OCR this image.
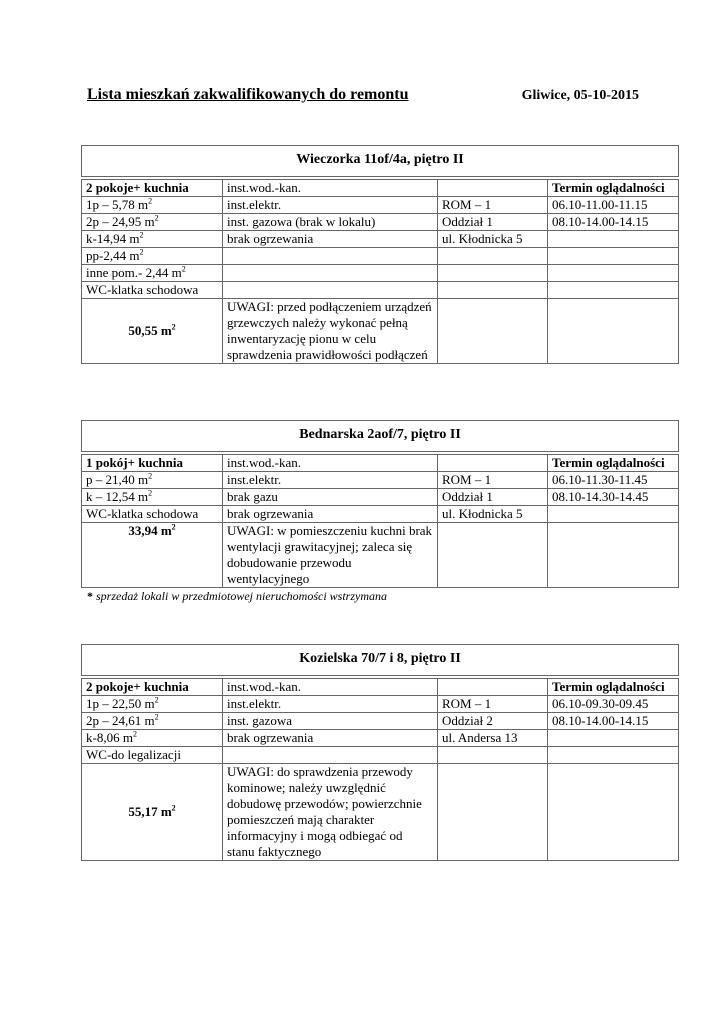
Lista mieszkań zakwalifikowanych do remontu	Gliwice, 05-10-2015
Wieczorka 11of/4a, piętro II			
2 pokoje+ kuchnia	inst.wod.-kan.		Termin oglądalności
1p – 5,78 $m^2$	inst.elektr.	ROM – 1	06.10-11.00-11.15
2p – 24,95 $m^2$	inst. gazowa (brak w lokalu)	Oddział 1	08.10-14.00-14.15
k-14,94 $m^2$	brak ogrzewania	ul. Kłodnicka 5	
pp-2,44 $m^2$			
inne pom.- 2,44 $m^2$			
WC-klatka schodowa			
50,55 $m^2$	UWAGI: przed podłączeniem urządzeń grzewczych należy wykonać pełną inwentaryzację pionu w celu sprawdzenia prawidłowości podłączeń		
Bednarska 2aof/7, piętro II			
1 pokój+ kuchnia	inst.wod.-kan.		Termin oglądalności
p – 21,40 $m^2$	inst.elektr.	ROM – 1	06.10-11.30-11.45
k – 12,54 $m^2$	brak gazu	Oddział 1	08.10-14.30-14.45
WC-klatka schodowa	brak ogrzewania	ul. Kłodnicka 5	
33,94 $m^2$	UWAGI: w pomieszczeniu kuchni brak wentylacji grawitacyjnej; zaleca się dobudowanie przewodu wentylacyjnego		
* sprzedaż lokali w przedmiotowej nieruchomości wstrzymana
Kozielska 70/7 i 8, piętro II			
2 pokoje+ kuchnia	inst.wod.-kan.		Termin oglądalności
1p – 22,50 $m^2$	inst.elektr.	ROM – 1	06.10-09.30-09.45
2p – 24,61 $m^2$	inst. gazowa	Oddział 2	08.10-14.00-14.15
k-8,06 $m^2$	brak ogrzewania	ul. Andersa 13	
WC-do legalizacji			
55,17 $m^2$	UWAGI: do sprawdzenia przewody kominowe; należy uwzględnić dobudowę przewodów; powierzchnie pomieszczeń mają charakter informacyjny i mogą odbiegać od stanu faktycznego		
